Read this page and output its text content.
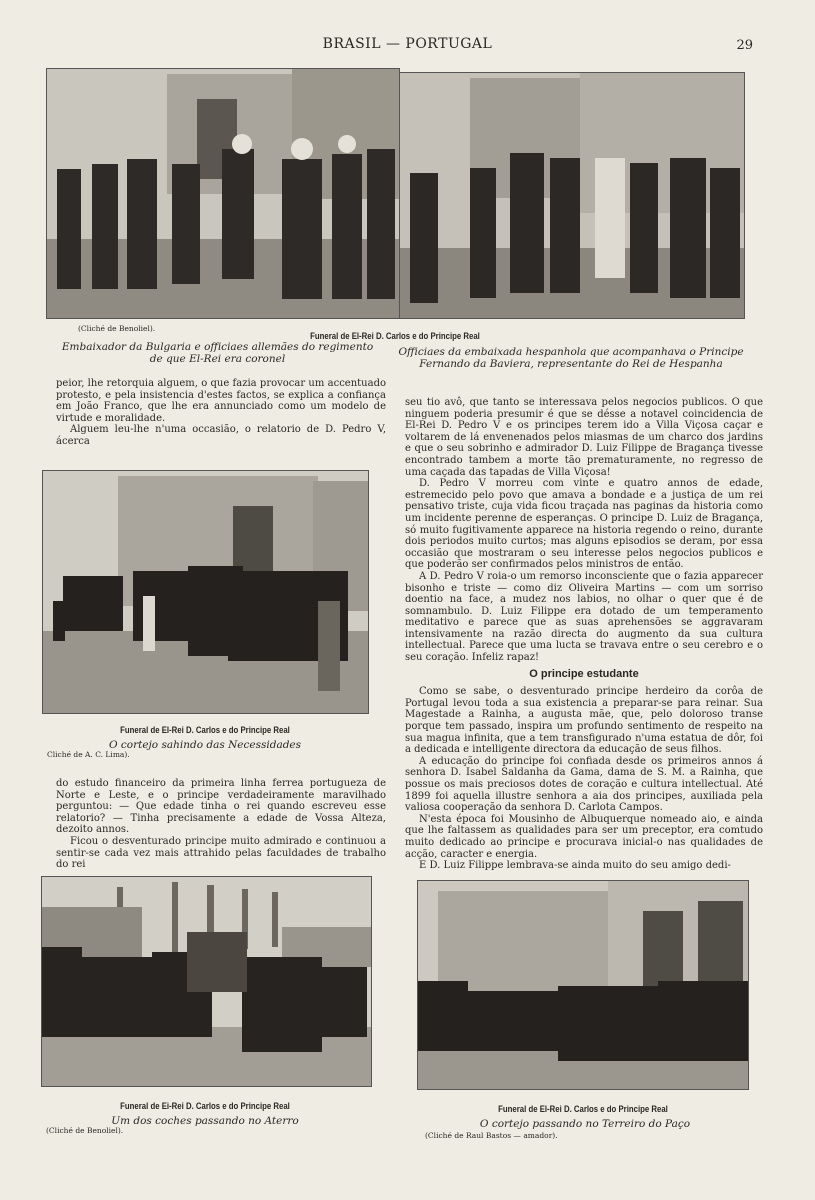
BRASIL — PORTUGAL	29
(Cliché de Benoliel).
Funeral de El-Rei D. Carlos e do Principe Real
Embaixador da Bulgaria e officiaes allemães do regimento
de que El-Rei era coronel
Officiaes da embaixada hespanhola que acompanhava o Principe
Fernando da Baviera, representante do Rei de Hespanha

peior, lhe retorquia alguem, o que fazia provocar um accentuado protesto, e pela insistencia d'estes factos, se explica a confiança em João Franco, que lhe era annunciado como um modelo de virtude e moralidade.

Alguem leu-lhe n'uma occasião, o relatorio de D. Pedro V, ácerca

Funeral de El-Rei D. Carlos e do Principe Real
O cortejo sahindo das Necessidades
Cliché de A. C. Lima).

do estudo financeiro da primeira linha ferrea portugueza de Norte e Leste, e o principe verdadeiramente maravilhado perguntou: — Que edade tinha o rei quando escreveu esse relatorio? — Tinha precisamente a edade de Vossa Alteza, dezoito annos.

Ficou o desventurado principe muito admirado e continuou a sentir-se cada vez mais attrahido pelas faculdades de trabalho do rei

seu tio avô, que tanto se interessava pelos negocios publicos. O que ninguem poderia presumir é que se désse a notavel coincidencia de El-Rei D. Pedro V e os principes terem ido a Villa Viçosa caçar e voltarem de lá envenenados pelos miasmas de um charco dos jardins e que o seu sobrinho e admirador D. Luiz Filippe de Bragança tivesse encontrado tambem a morte tão prematuramente, no regresso de uma caçada das tapadas de Villa Viçosa!

D. Pedro V morreu com vinte e quatro annos de edade, estremecido pelo povo que amava a bondade e a justiça de um rei pensativo triste, cuja vida ficou traçada nas paginas da historia como um incidente perenne de esperanças. O principe D. Luiz de Bragança, só muito fugitivamente apparece na historia regendo o reino, durante dois periodos muito curtos; mas alguns episodios se deram, por essa occasião que mostraram o seu interesse pelos negocios publicos e que poderão ser confirmados pelos ministros de então.

A D. Pedro V roia-o um remorso inconsciente que o fazia apparecer bisonho e triste — como diz Oliveira Martins — com um sorriso doentio na face, a mudez nos labios, no olhar o quer que é de somnambulo. D. Luiz Filippe era dotado de um temperamento meditativo e parece que as suas aprehensões se aggravaram intensivamente na razão directa do augmento da sua cultura intellectual. Parece que uma lucta se travava entre o seu cerebro e o seu coração. Infeliz rapaz!

O principe estudante

Como se sabe, o desventurado principe herdeiro da corôa de Portugal levou toda a sua existencia a preparar-se para reinar. Sua Magestade a Rainha, a augusta mãe, que, pelo doloroso transe porque tem passado, inspira um profundo sentimento de respeito na sua magua infinita, que a tem transfigurado n'uma estatua de dôr, foi a dedicada e intelligente directora da educação de seus filhos.

A educação do principe foi confiada desde os primeiros annos á senhora D. Isabel Saldanha da Gama, dama de S. M. a Rainha, que possue os mais preciosos dotes de coração e cultura intellectual. Até 1899 foi aquella illustre senhora a aia dos principes, auxiliada pela valiosa cooperação da senhora D. Carlota Campos.

N'esta época foi Mousinho de Albuquerque nomeado aio, e ainda que lhe faltassem as qualidades para ser um preceptor, era comtudo muito dedicado ao principe e procurava inicial-o nas qualidades de acção, caracter e energia.

E D. Luiz Filippe lembrava-se ainda muito do seu amigo dedi-

Funeral de Ei-Rei D. Carlos e do Principe Real
Um dos coches passando no Aterro
(Cliché de Benoliel).
Funeral de El-Rei D. Carlos e do Principe Real
O cortejo passando no Terreiro do Paço
(Cliché de Raul Bastos — amador).
